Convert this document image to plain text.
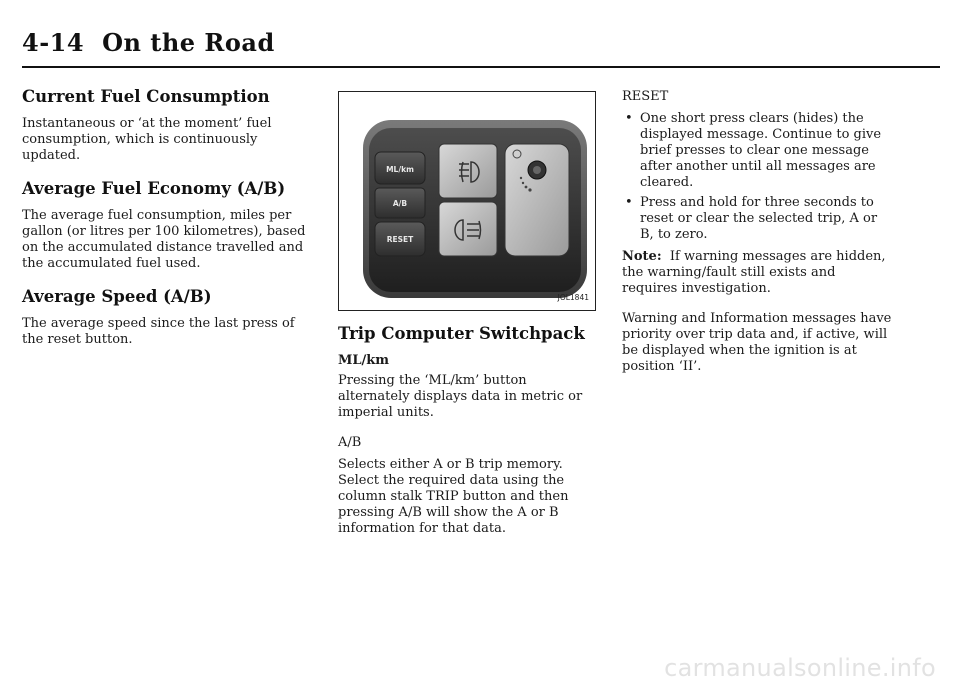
4-14 On the Road
Current Fuel Consumption

Instantaneous or ‘at the moment’ fuel consumption, which is continuously updated.

Average Fuel Economy (A/B)

The average fuel consumption, miles per gallon (or litres per 100 kilometres), based on the accumulated distance travelled and the accumulated fuel used.

Average Speed (A/B)

The average speed since the last press of the reset button.

ML/km
A/B
RESET
JOL1841
Trip Computer Switchpack
ML/km

Pressing the ‘ML/km’ button alternately displays data in metric or imperial units.

A/B

Selects either A or B trip memory. Select the required data using the column stalk TRIP button and then pressing A/B will show the A or B information for that data.

RESET
• One short press clears (hides) the displayed message. Continue to give brief presses to clear one message after another until all messages are cleared.
• Press and hold for three seconds to reset or clear the selected trip, A or B, to zero.

Note: If warning messages are hidden, the warning/fault still exists and requires investigation.

Warning and Information messages have priority over trip data and, if active, will be displayed when the ignition is at position ‘II’.

carmanualsonline.info
